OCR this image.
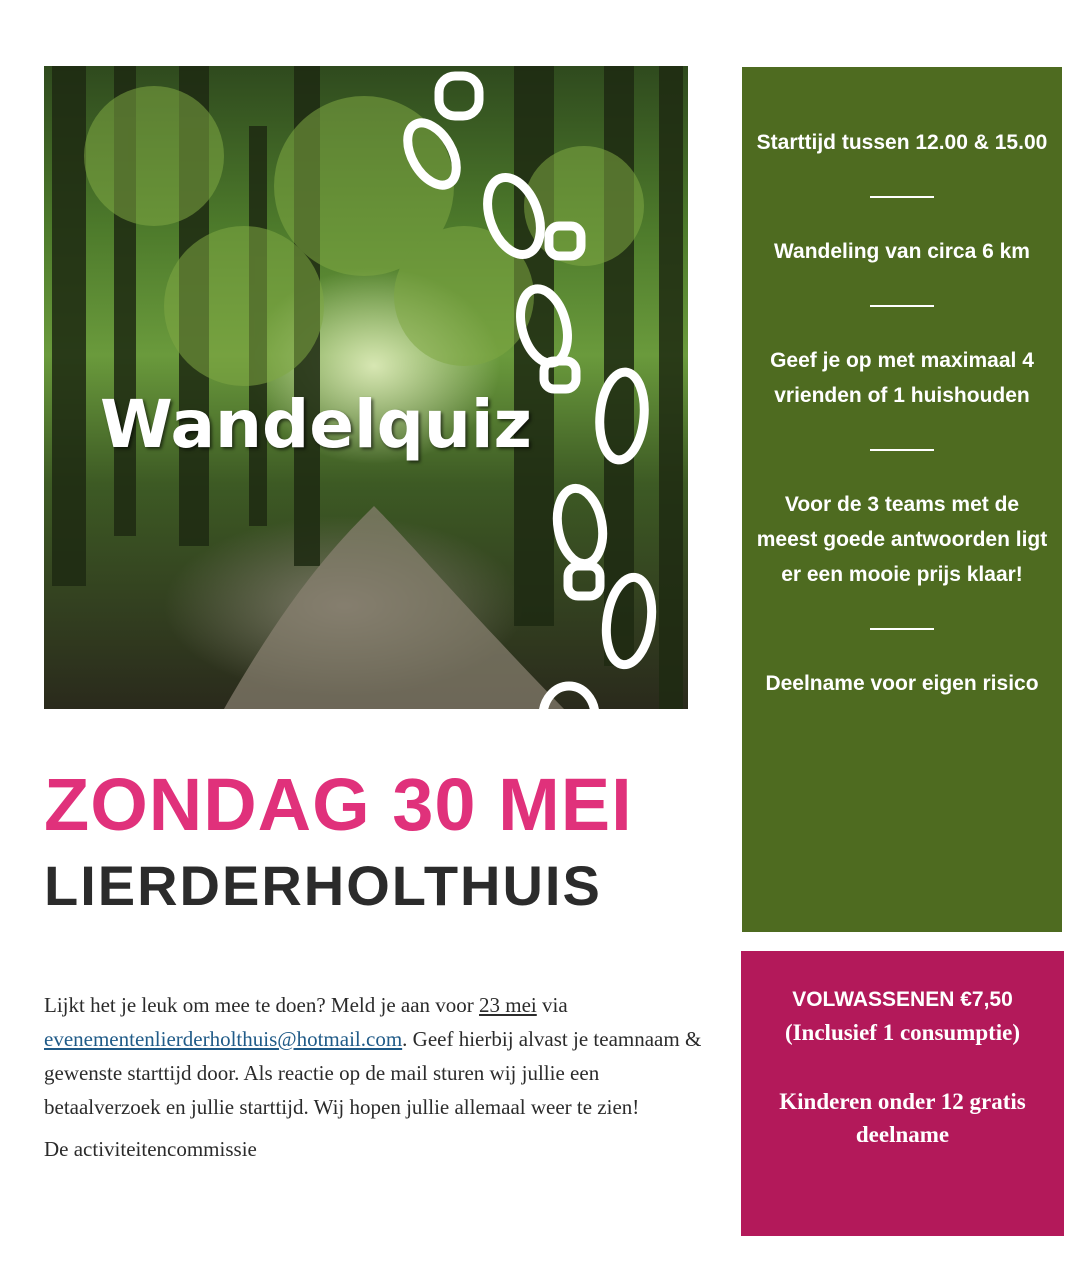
Wandelquiz
ZONDAG 30 MEI
LIERDERHOLTHUIS

Lijkt het je leuk om mee te doen? Meld je aan voor 23 mei via evenementenlierderholthuis@hotmail.com. Geef hierbij alvast je teamnaam & gewenste starttijd door. Als reactie op de mail sturen wij jullie een betaalverzoek en jullie starttijd. Wij hopen jullie allemaal weer te zien!

De activiteitencommissie

Starttijd tussen 12.00 & 15.00
Wandeling van circa 6 km
Geef je op met maximaal 4 vrienden of 1 huishouden
Voor de 3 teams met de meest goede antwoorden ligt er een mooie prijs klaar!
Deelname voor eigen risico
VOLWASSENEN €7,50
(Inclusief 1 consumptie)
Kinderen onder 12 gratis deelname
